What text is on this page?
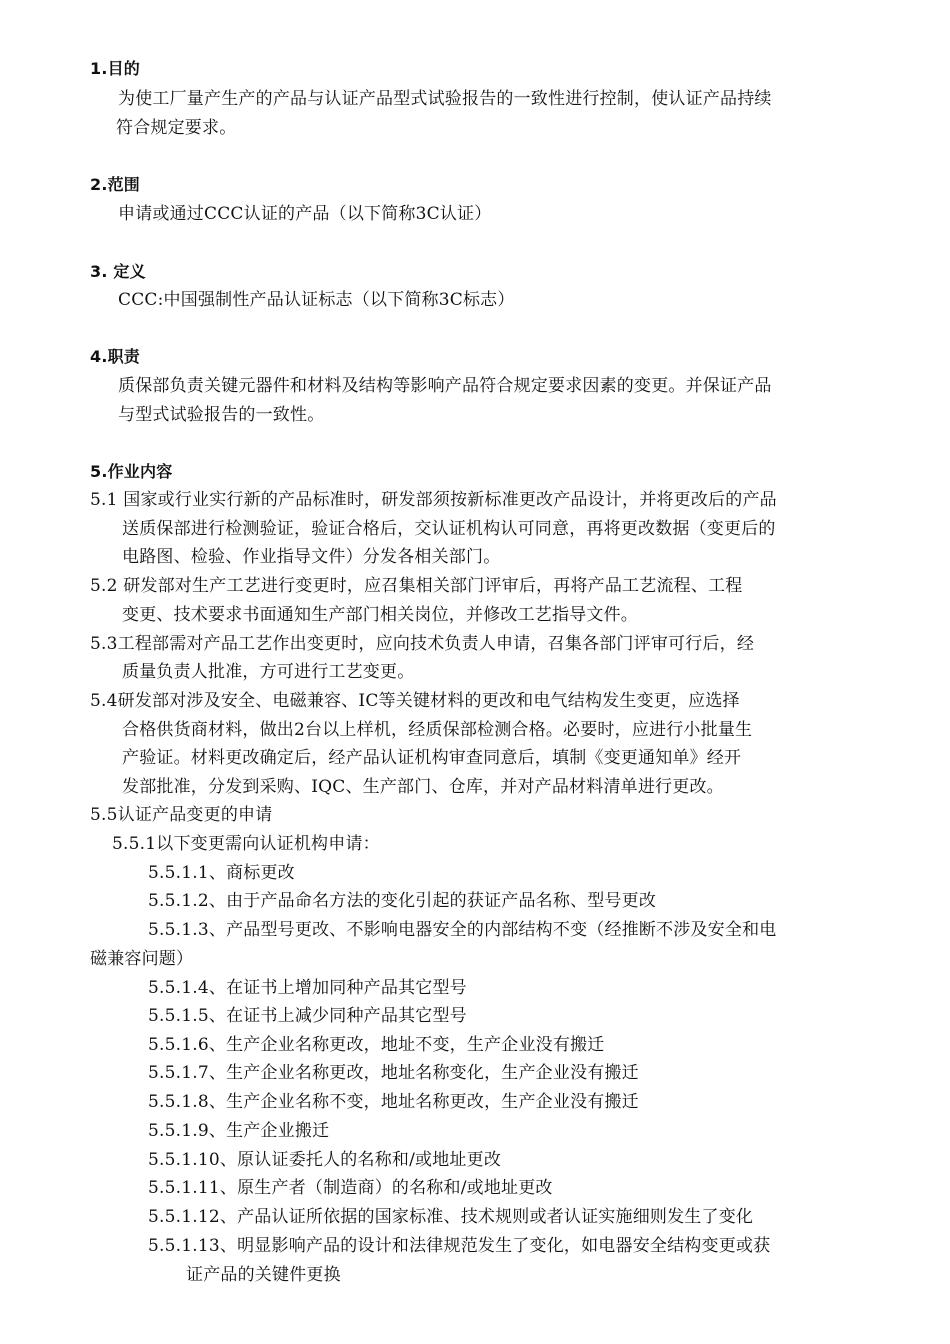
1.目的
为使工厂量产生产的产品与认证产品型式试验报告的一致性进行控制，使认证产品持续
符合规定要求。
2.范围
申请或通过CCC认证的产品（以下简称3C认证）
3. 定义
CCC:中国强制性产品认证标志（以下简称3C标志）
4.职责
质保部负责关键元器件和材料及结构等影响产品符合规定要求因素的变更。并保证产品
与型式试验报告的一致性。
5.作业内容
5.1 国家或行业实行新的产品标准时，研发部须按新标准更改产品设计，并将更改后的产品
送质保部进行检测验证，验证合格后，交认证机构认可同意，再将更改数据（变更后的
电路图、检验、作业指导文件）分发各相关部门。
5.2 研发部对生产工艺进行变更时，应召集相关部门评审后，再将产品工艺流程、工程
变更、技术要求书面通知生产部门相关岗位，并修改工艺指导文件。
5.3工程部需对产品工艺作出变更时，应向技术负责人申请，召集各部门评审可行后，经
质量负责人批准，方可进行工艺变更。
5.4研发部对涉及安全、电磁兼容、IC等关键材料的更改和电气结构发生变更，应选择
合格供货商材料，做出2台以上样机，经质保部检测合格。必要时，应进行小批量生
产验证。材料更改确定后，经产品认证机构审查同意后，填制《变更通知单》经开
发部批准，分发到采购、IQC、生产部门、仓库，并对产品材料清单进行更改。
5.5认证产品变更的申请
5.5.1以下变更需向认证机构申请：
5.5.1.1、商标更改
5.5.1.2、由于产品命名方法的变化引起的获证产品名称、型号更改
5.5.1.3、产品型号更改、不影响电器安全的内部结构不变（经推断不涉及安全和电
磁兼容问题）
5.5.1.4、在证书上增加同种产品其它型号
5.5.1.5、在证书上减少同种产品其它型号
5.5.1.6、生产企业名称更改，地址不变，生产企业没有搬迁
5.5.1.7、生产企业名称更改，地址名称变化，生产企业没有搬迁
5.5.1.8、生产企业名称不变，地址名称更改，生产企业没有搬迁
5.5.1.9、生产企业搬迁
5.5.1.10、原认证委托人的名称和/或地址更改
5.5.1.11、原生产者（制造商）的名称和/或地址更改
5.5.1.12、产品认证所依据的国家标准、技术规则或者认证实施细则发生了变化
5.5.1.13、明显影响产品的设计和法律规范发生了变化，如电器安全结构变更或获
证产品的关键件更换
